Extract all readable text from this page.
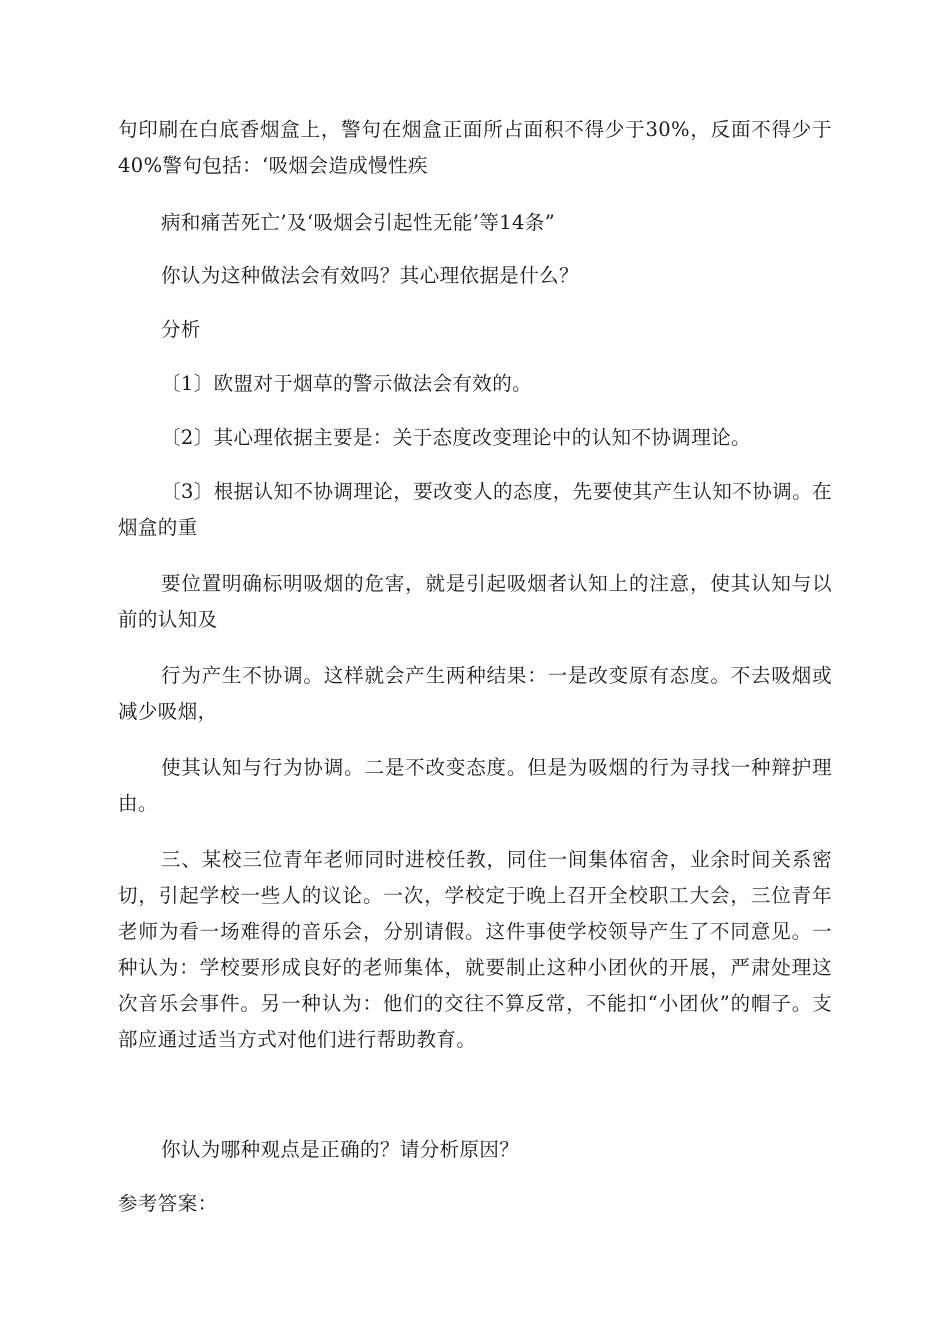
句印刷在白底香烟盒上，警句在烟盒正面所占面积不得少于30%，反面不得少于40%警句包括：‘吸烟会造成慢性疾

病和痛苦死亡’及‘吸烟会引起性无能’等14条”

你认为这种做法会有效吗？其心理依据是什么？

分析

〔1〕欧盟对于烟草的警示做法会有效的。

〔2〕其心理依据主要是：关于态度改变理论中的认知不协调理论。

〔3〕根据认知不协调理论，要改变人的态度，先要使其产生认知不协调。在烟盒的重

要位置明确标明吸烟的危害，就是引起吸烟者认知上的注意，使其认知与以前的认知及

行为产生不协调。这样就会产生两种结果：一是改变原有态度。不去吸烟或减少吸烟，

使其认知与行为协调。二是不改变态度。但是为吸烟的行为寻找一种辩护理由。

三、某校三位青年老师同时进校任教，同住一间集体宿舍，业余时间关系密切，引起学校一些人的议论。一次，学校定于晚上召开全校职工大会，三位青年老师为看一场难得的音乐会，分别请假。这件事使学校领导产生了不同意见。一种认为：学校要形成良好的老师集体，就要制止这种小团伙的开展，严肃处理这次音乐会事件。另一种认为：他们的交往不算反常，不能扣“小团伙”的帽子。支部应通过适当方式对他们进行帮助教育。

你认为哪种观点是正确的？请分析原因？

参考答案：
